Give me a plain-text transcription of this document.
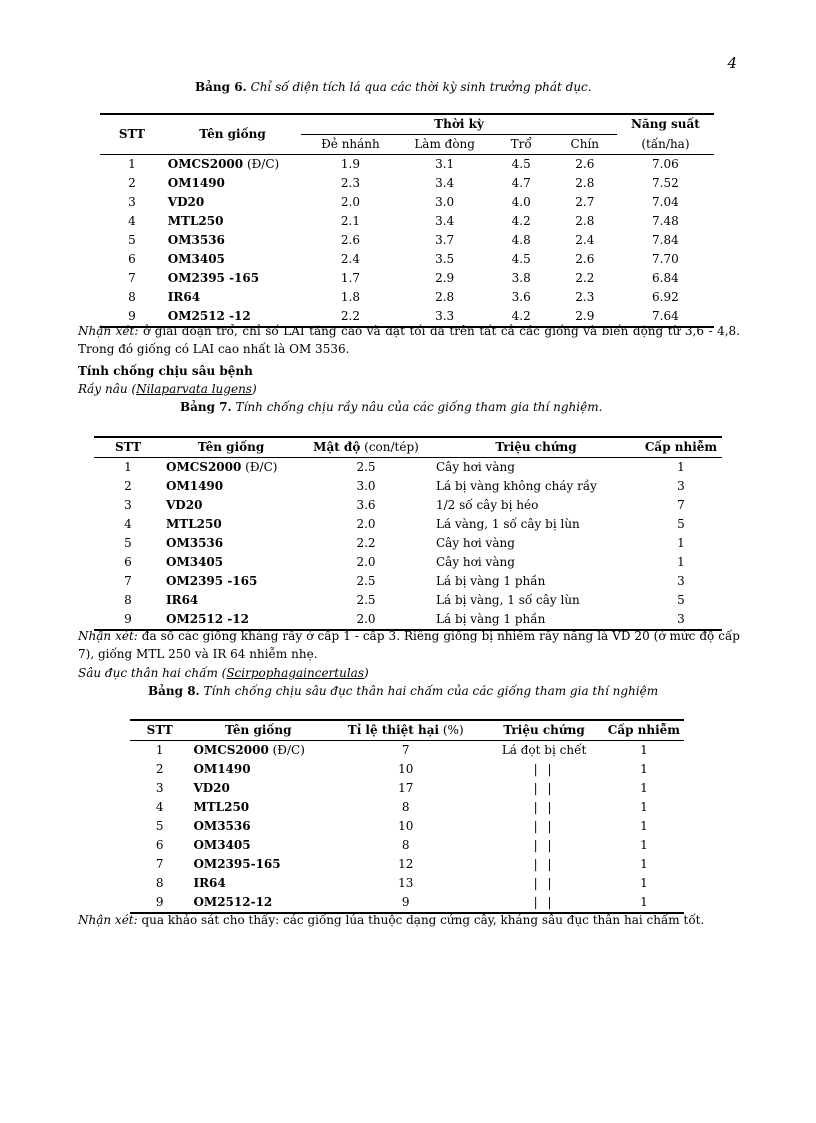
4
Bảng 6. Chỉ số diện tích lá qua các thời kỳ sinh trưởng phát dục.
STT	Tên giống	Thời kỳ				Năng suất
		Đẻ nhánh	Làm đòng	Trổ	Chín	(tấn/ha)
1	OMCS2000 (Đ/C)	1.9	3.1	4.5	2.6	7.06
2	OM1490	2.3	3.4	4.7	2.8	7.52
3	VD20	2.0	3.0	4.0	2.7	7.04
4	MTL250	2.1	3.4	4.2	2.8	7.48
5	OM3536	2.6	3.7	4.8	2.4	7.84
6	OM3405	2.4	3.5	4.5	2.6	7.70
7	OM2395 -165	1.7	2.9	3.8	2.2	6.84
8	IR64	1.8	2.8	3.6	2.3	6.92
9	OM2512 -12	2.2	3.3	4.2	2.9	7.64
Nhận xét: ở giai đoạn trổ, chỉ số LAI tăng cao và đạt tối đa trên tất cả các giống và biến động từ 3,6 - 4,8. Trong đó giống có LAI cao nhất là OM 3536.
Tính chống chịu sâu bệnh
Rầy nâu (Nilaparvata lugens)
Bảng 7. Tính chống chịu rầy nâu của các giống tham gia thí nghiệm.
STT	Tên giống	Mật độ (con/tép)	Triệu chứng	Cấp nhiễm
1	OMCS2000 (Đ/C)	2.5	Cây hơi vàng	1
2	OM1490	3.0	Lá bị vàng không cháy rầy	3
3	VD20	3.6	1/2 số cây bị héo	7
4	MTL250	2.0	Lá vàng, 1 số cây bị lùn	5
5	OM3536	2.2	Cây hơi vàng	1
6	OM3405	2.0	Cây hơi vàng	1
7	OM2395 -165	2.5	Lá bị vàng 1 phần	3
8	IR64	2.5	Lá bị vàng, 1 số cây lùn	5
9	OM2512 -12	2.0	Lá bị vàng 1 phần	3
Nhận xét: đa số các giống kháng rầy ở cấp 1 - cấp 3. Riêng giống bị nhiễm rầy năng là VD 20 (ở mức độ cấp 7), giống MTL 250 và IR 64 nhiễm nhẹ.
Sâu đục thân hai chấm (Scirpophagaincertulas)
Bảng 8. Tính chống chịu sâu đục thân hai chấm của các giống tham gia thí nghiệm
STT	Tên giống	Tỉ lệ thiệt hại (%)	Triệu chứng	Cấp nhiễm
1	OMCS2000 (Đ/C)	7	Lá đọt bị chết	1
2	OM1490	10	| |	1
3	VD20	17	| |	1
4	MTL250	8	| |	1
5	OM3536	10	| |	1
6	OM3405	8	| |	1
7	OM2395-165	12	| |	1
8	IR64	13	| |	1
9	OM2512-12	9	| |	1
Nhận xét: qua khảo sát cho thấy: các giống lúa thuộc dạng cứng cây, kháng sâu đục thân hai chấm tốt.
